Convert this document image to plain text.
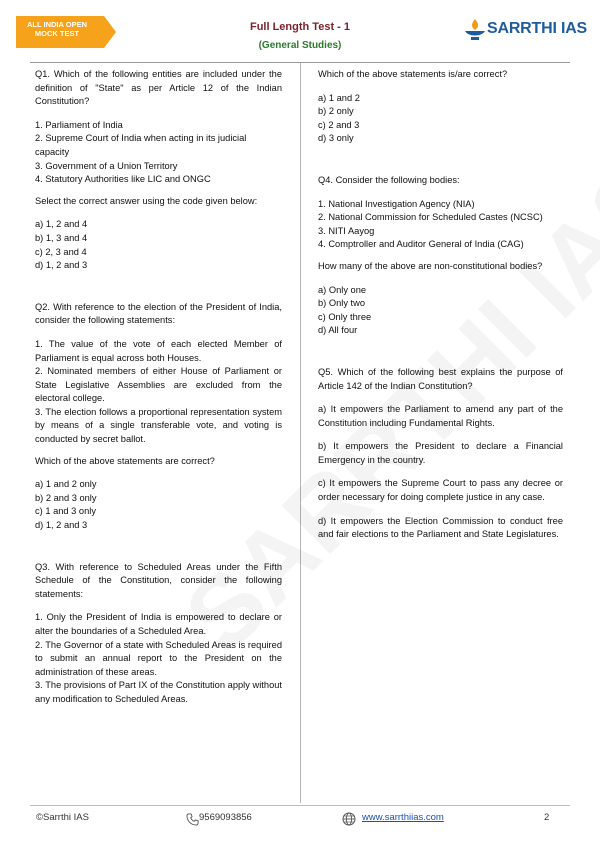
ALL INDIA OPEN MOCK TEST
Full Length Test - 1
(General Studies)
SARRTHI IAS

Q1. Which of the following entities are included under the definition of "State" as per Article 12 of the Indian Constitution?

1. Parliament of India
2. Supreme Court of India when acting in its judicial capacity
3. Government of a Union Territory
4. Statutory Authorities like LIC and ONGC

Select the correct answer using the code given below:

a) 1, 2 and 4
b) 1, 3 and 4
c) 2, 3 and 4
d) 1, 2 and 3

Q2. With reference to the election of the President of India, consider the following statements:

1. The value of the vote of each elected Member of Parliament is equal across both Houses.
2. Nominated members of either House of Parliament or State Legislative Assemblies are excluded from the electoral college.
3. The election follows a proportional representation system by means of a single transferable vote, and voting is conducted by secret ballot.

Which of the above statements are correct?

a) 1 and 2 only
b) 2 and 3 only
c) 1 and 3 only
d) 1, 2 and 3

Q3. With reference to Scheduled Areas under the Fifth Schedule of the Constitution, consider the following statements:

1. Only the President of India is empowered to declare or alter the boundaries of a Scheduled Area.
2. The Governor of a state with Scheduled Areas is required to submit an annual report to the President on the administration of these areas.
3. The provisions of Part IX of the Constitution apply without any modification to Scheduled Areas.

Which of the above statements is/are correct?

a) 1 and 2
b) 2 only
c) 2 and 3
d) 3 only

Q4. Consider the following bodies:

1. National Investigation Agency (NIA)
2. National Commission for Scheduled Castes (NCSC)
3. NITI Aayog
4. Comptroller and Auditor General of India (CAG)

How many of the above are non-constitutional bodies?

a) Only one
b) Only two
c) Only three
d) All four

Q5. Which of the following best explains the purpose of Article 142 of the Indian Constitution?

a) It empowers the Parliament to amend any part of the Constitution including Fundamental Rights.

b) It empowers the President to declare a Financial Emergency in the country.

c) It empowers the Supreme Court to pass any decree or order necessary for doing complete justice in any case.

d) It empowers the Election Commission to conduct free and fair elections to the Parliament and State Legislatures.

©Sarrthi IAS	9569093856	www.sarrthiias.com	2
